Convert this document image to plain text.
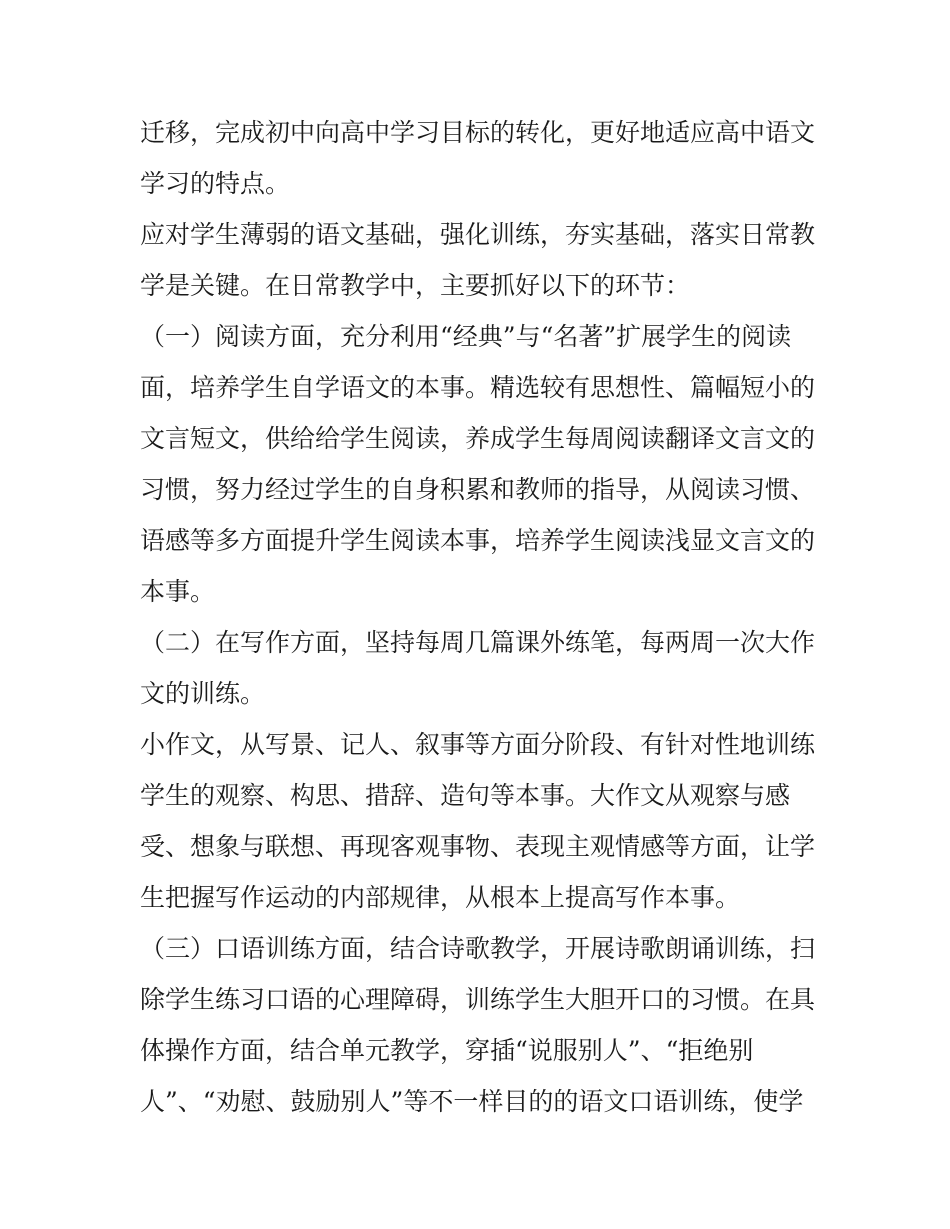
迁移，完成初中向高中学习目标的转化，更好地适应高中语文
学习的特点。
应对学生薄弱的语文基础，强化训练，夯实基础，落实日常教
学是关键。在日常教学中，主要抓好以下的环节：
（一）阅读方面，充分利用“经典”与“名著”扩展学生的阅读
面，培养学生自学语文的本事。精选较有思想性、篇幅短小的
文言短文，供给给学生阅读，养成学生每周阅读翻译文言文的
习惯，努力经过学生的自身积累和教师的指导，从阅读习惯、
语感等多方面提升学生阅读本事，培养学生阅读浅显文言文的
本事。
（二）在写作方面，坚持每周几篇课外练笔，每两周一次大作
文的训练。
小作文，从写景、记人、叙事等方面分阶段、有针对性地训练
学生的观察、构思、措辞、造句等本事。大作文从观察与感
受、想象与联想、再现客观事物、表现主观情感等方面，让学
生把握写作运动的内部规律，从根本上提高写作本事。
（三）口语训练方面，结合诗歌教学，开展诗歌朗诵训练，扫
除学生练习口语的心理障碍，训练学生大胆开口的习惯。在具
体操作方面，结合单元教学，穿插“说服别人”、“拒绝别
人”、“劝慰、鼓励别人”等不一样目的的语文口语训练，使学
